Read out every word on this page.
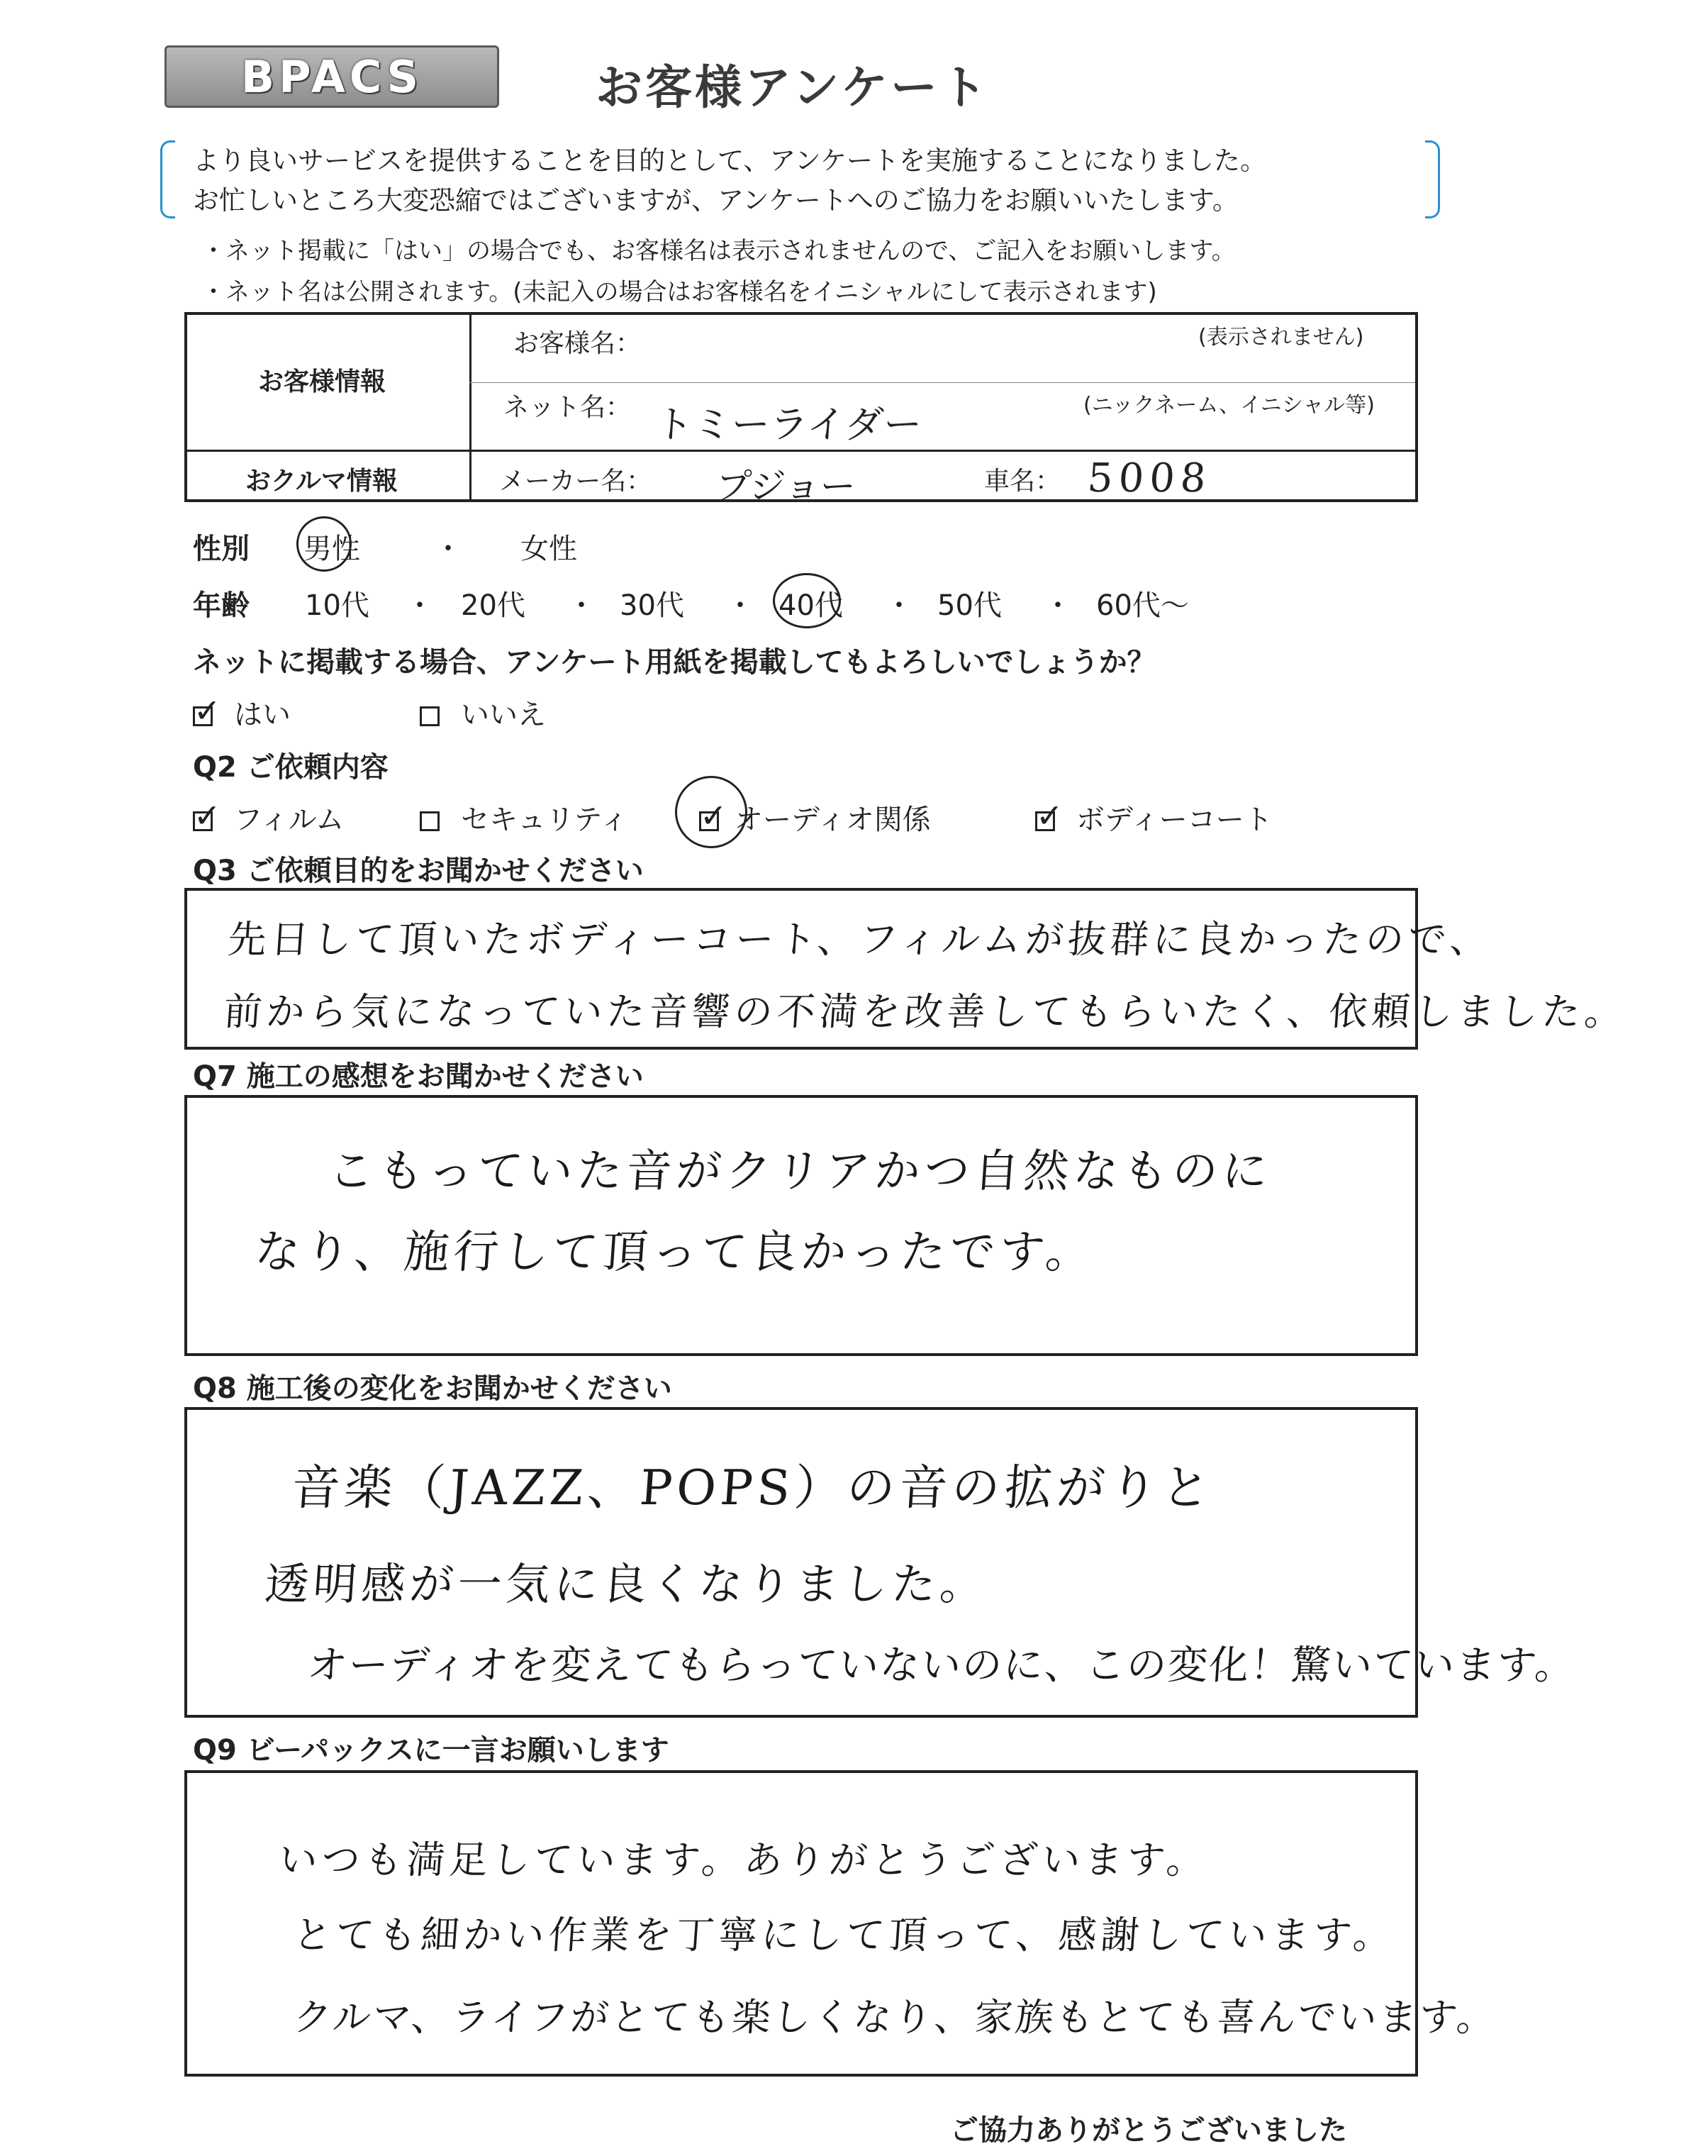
BPACS	お客様アンケート
より良いサービスを提供することを目的として、アンケートを実施することになりました。
お忙しいところ大変恐縮ではございますが、アンケートへのご協力をお願いいたします。
・ネット掲載に「はい」の場合でも、お客様名は表示されませんので、ご記入をお願いします。
・ネット名は公開されます。(未記入の場合はお客様名をイニシャルにして表示されます)
お客様情報
お客様名：	(表示されません)
ネット名： トミーライダー	(ニックネーム、イニシャル等)
おクルマ情報	メーカー名： プジョー	車名： 5008
性別 男性	・ 女性
年齢 10代 ・ 20代 ・ 30代 ・ 40代 ・ 50代 ・ 60代〜
ネットに掲載する場合、アンケート用紙を掲載してもよろしいでしょうか？
✓はい	いいえ
Q2 ご依頼内容
✓フィルム	セキュリティ ✓	オーディオ関係 ✓	ボディーコート
Q3 ご依頼目的をお聞かせください
先日して頂いたボディーコート、フィルムが抜群に良かったので、
前から気になっていた音響の不満を改善してもらいたく、依頼しました。
Q7 施工の感想をお聞かせください
こもっていた音がクリアかつ自然なものに
なり、施行して頂って良かったです。
Q8 施工後の変化をお聞かせください
音楽（JAZZ、POPS）の音の拡がりと
透明感が一気に良くなりました。
オーディオを変えてもらっていないのに、この変化！驚いています。
Q9 ビーパックスに一言お願いします
いつも満足しています。ありがとうございます。
とても細かい作業を丁寧にして頂って、感謝しています。
クルマ、ライフがとても楽しくなり、家族もとても喜んでいます。
ご協力ありがとうございました
